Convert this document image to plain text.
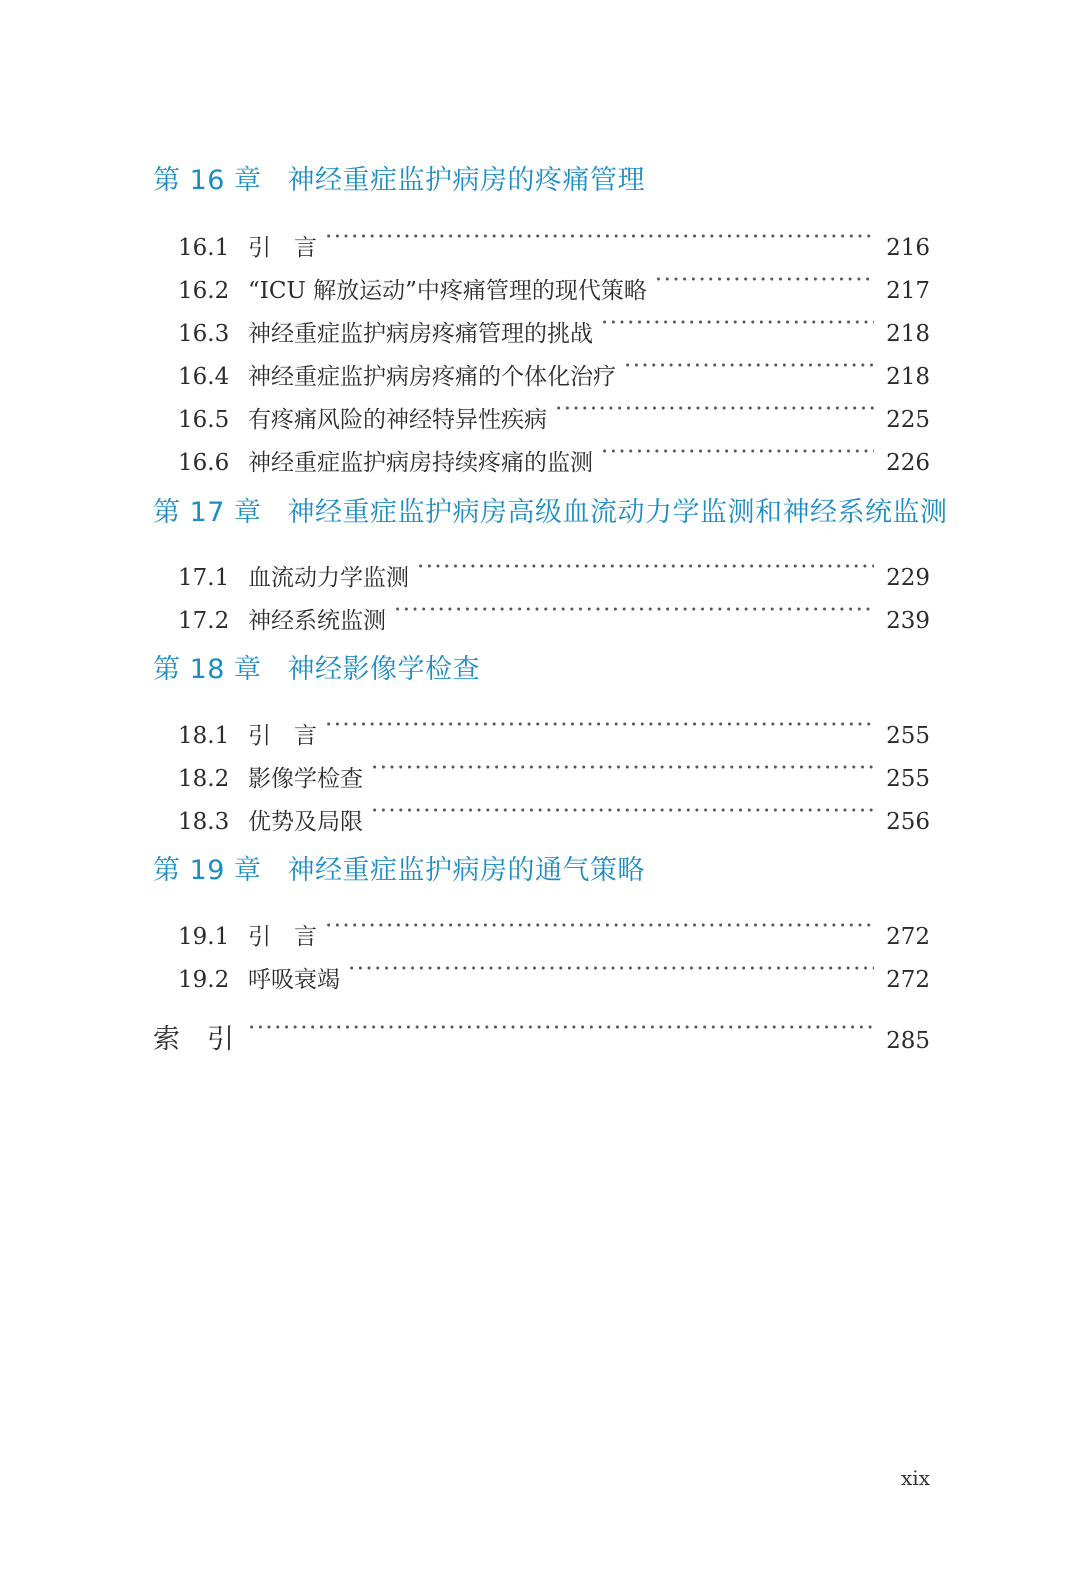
第 16 章 神经重症监护病房的疼痛管理
16.1 引　言 ·····	216
16.2 “ICU 解放运动”中疼痛管理的现代策略 ·····	217
16.3 神经重症监护病房疼痛管理的挑战 ·····	218
16.4 神经重症监护病房疼痛的个体化治疗 ·····	218
16.5 有疼痛风险的神经特异性疾病 ·····	225
16.6 神经重症监护病房持续疼痛的监测 ·····	226
第 17 章 神经重症监护病房高级血流动力学监测和神经系统监测
17.1 血流动力学监测 ·····	229
17.2 神经系统监测 ·····	239
第 18 章 神经影像学检查
18.1 引　言 ·····	255
18.2 影像学检查 ·····	255
18.3 优势及局限 ·····	256
第 19 章 神经重症监护病房的通气策略
19.1 引　言 ·····	272
19.2 呼吸衰竭 ·····	272
索　引 ·····	285
xix
